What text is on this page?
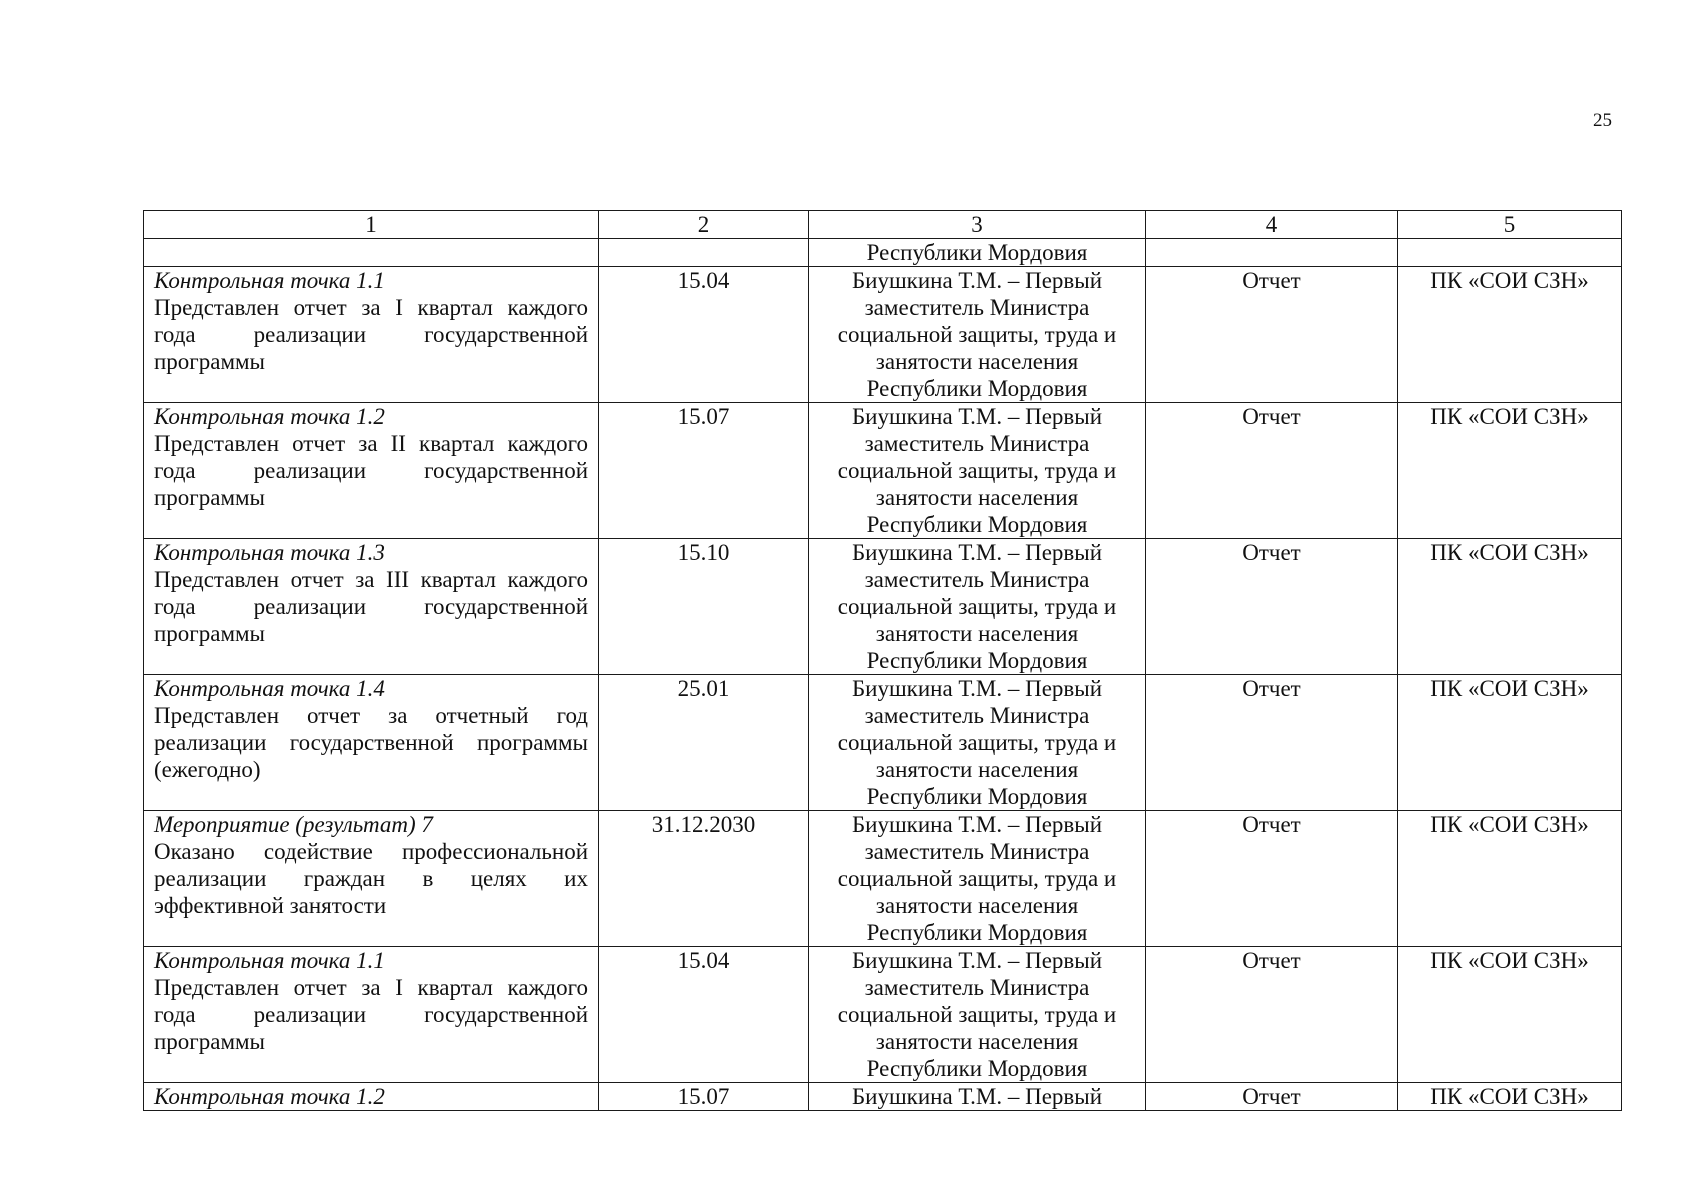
25
1	2	3	4	5
		Республики Мордовия		

Контрольная точка 1.1
Представлен отчет за I квартал каждого года реализации государственной программы	15.04	Биушкина Т.М. – Первый заместитель Министра социальной защиты, труда и занятости населения Республики Мордовия	Отчет	ПК «СОИ СЗН»

Контрольная точка 1.2
Представлен отчет за II квартал каждого года реализации государственной программы	15.07	Биушкина Т.М. – Первый заместитель Министра социальной защиты, труда и занятости населения Республики Мордовия	Отчет	ПК «СОИ СЗН»

Контрольная точка 1.3
Представлен отчет за III квартал каждого года реализации государственной программы	15.10	Биушкина Т.М. – Первый заместитель Министра социальной защиты, труда и занятости населения Республики Мордовия	Отчет	ПК «СОИ СЗН»

Контрольная точка 1.4
Представлен отчет за отчетный год реализации государственной программы (ежегодно)	25.01	Биушкина Т.М. – Первый заместитель Министра социальной защиты, труда и занятости населения Республики Мордовия	Отчет	ПК «СОИ СЗН»

Мероприятие (результат) 7
Оказано содействие профессиональной реализации граждан в целях их эффективной занятости	31.12.2030	Биушкина Т.М. – Первый заместитель Министра социальной защиты, труда и занятости населения Республики Мордовия	Отчет	ПК «СОИ СЗН»

Контрольная точка 1.1
Представлен отчет за I квартал каждого года реализации государственной программы	15.04	Биушкина Т.М. – Первый заместитель Министра социальной защиты, труда и занятости населения Республики Мордовия	Отчет	ПК «СОИ СЗН»

Контрольная точка 1.2	15.07	Биушкина Т.М. – Первый	Отчет	ПК «СОИ СЗН»
